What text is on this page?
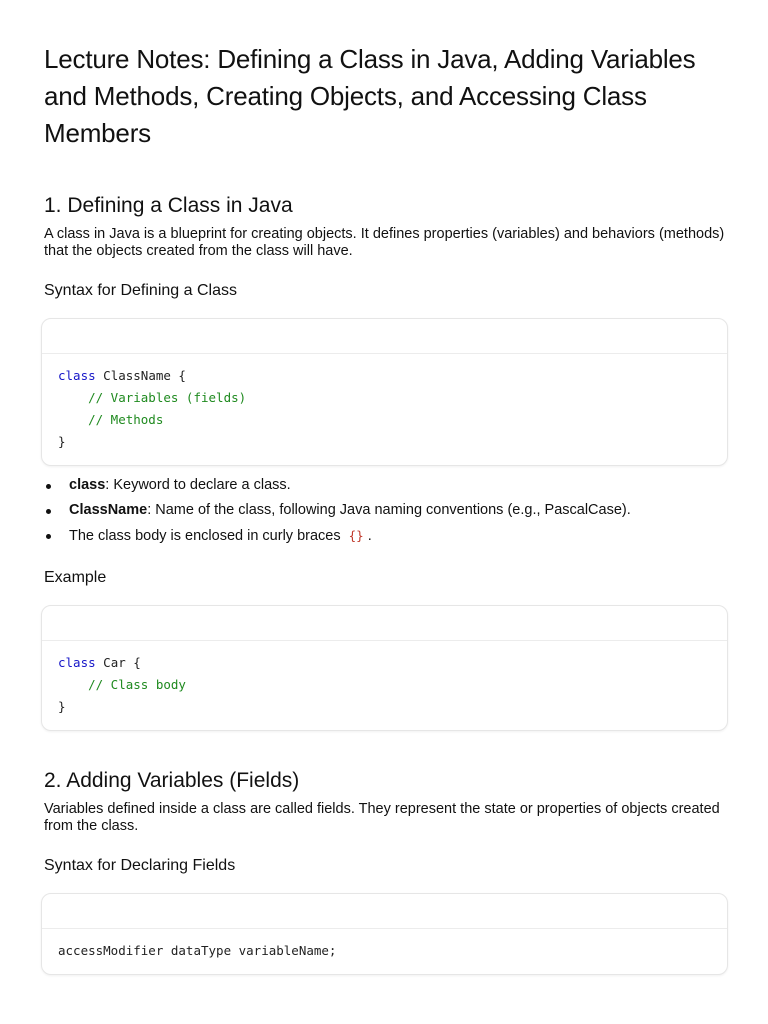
Lecture Notes: Defining a Class in Java, Adding Variables and Methods, Creating Objects, and Accessing Class Members
1. Defining a Class in Java

A class in Java is a blueprint for creating objects. It defines properties (variables) and behaviors (methods) that the objects created from the class will have.

Syntax for Defining a Class
class ClassName {
// Variables (fields)
// Methods
}
class: Keyword to declare a class.
ClassName: Name of the class, following Java naming conventions (e.g., PascalCase).
The class body is enclosed in curly braces {} .
Example
class Car {
// Class body
}
2. Adding Variables (Fields)

Variables defined inside a class are called fields. They represent the state or properties of objects created from the class.

Syntax for Declaring Fields
accessModifier dataType variableName;
